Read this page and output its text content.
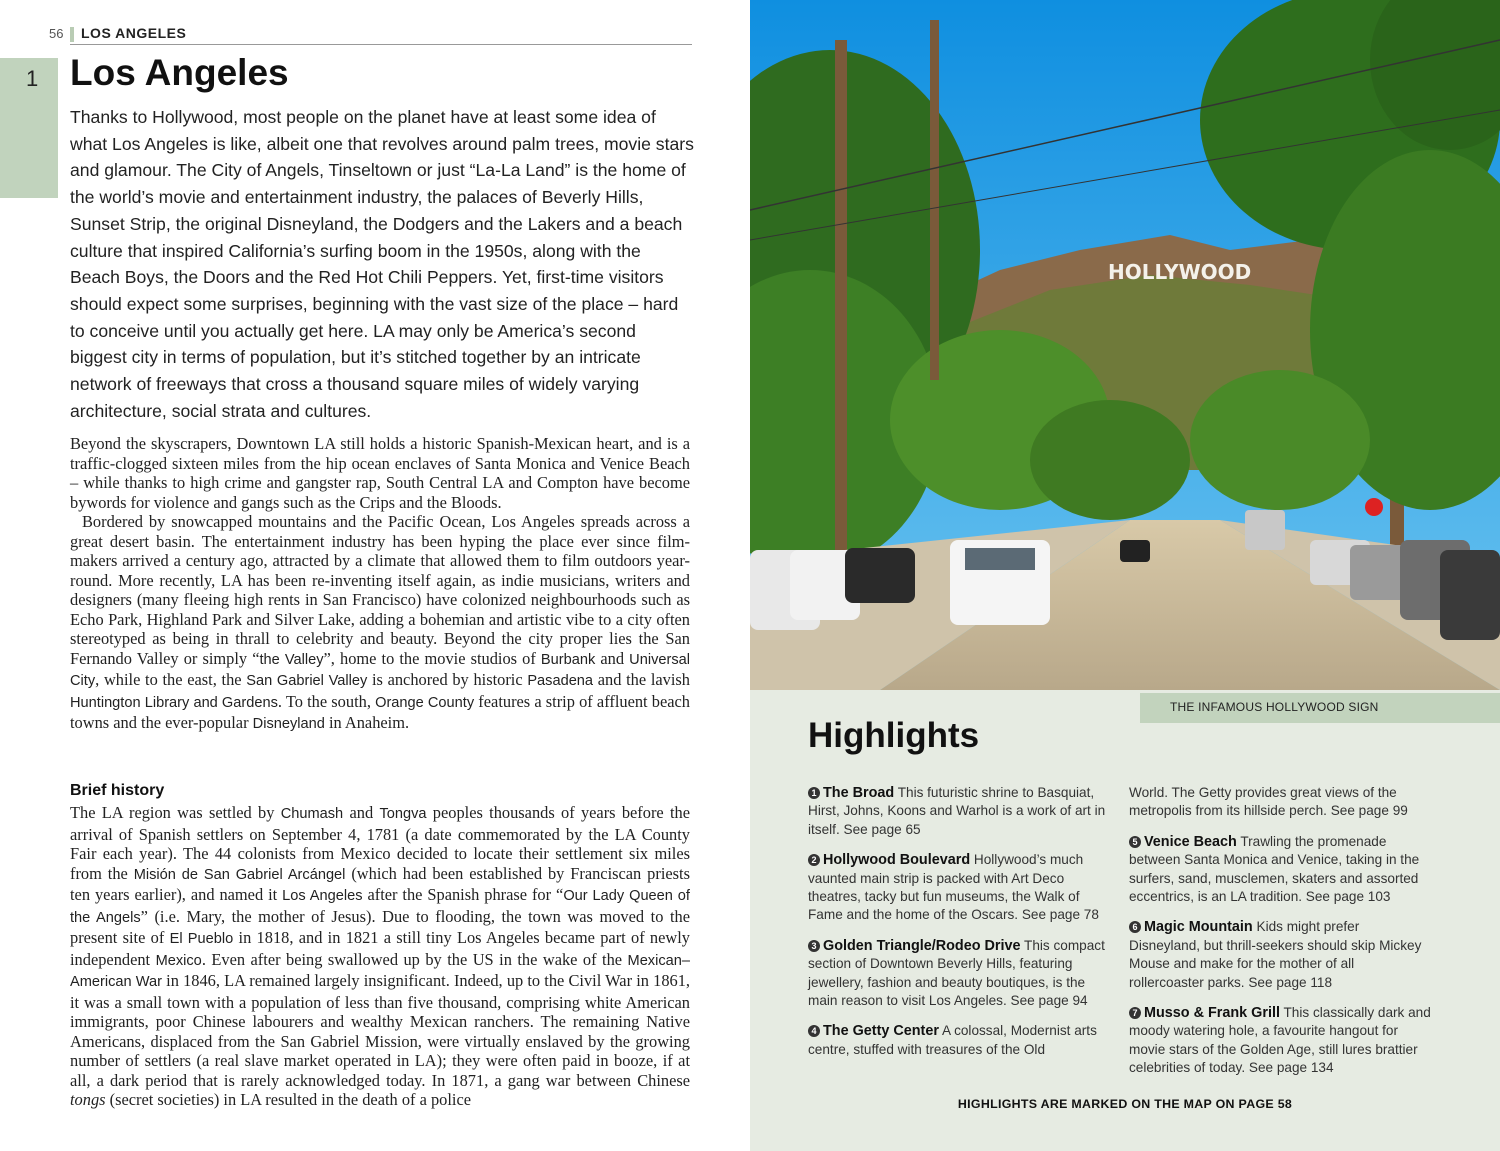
56 LOS ANGELES
1 Los Angeles

Thanks to Hollywood, most people on the planet have at least some idea of what Los Angeles is like, albeit one that revolves around palm trees, movie stars and glamour. The City of Angels, Tinseltown or just “La-La Land” is the home of the world’s movie and entertainment industry, the palaces of Beverly Hills, Sunset Strip, the original Disneyland, the Dodgers and the Lakers and a beach culture that inspired California’s surfing boom in the 1950s, along with the Beach Boys, the Doors and the Red Hot Chili Peppers. Yet, first-time visitors should expect some surprises, beginning with the vast size of the place – hard to conceive until you actually get here. LA may only be America’s second biggest city in terms of population, but it’s stitched together by an intricate network of freeways that cross a thousand square miles of widely varying architecture, social strata and cultures.

Beyond the skyscrapers, Downtown LA still holds a historic Spanish-Mexican heart, and is a traffic-clogged sixteen miles from the hip ocean enclaves of Santa Monica and Venice Beach – while thanks to high crime and gangster rap, South Central LA and Compton have become bywords for violence and gangs such as the Crips and the Bloods.

Bordered by snowcapped mountains and the Pacific Ocean, Los Angeles spreads across a great desert basin. The entertainment industry has been hyping the place ever since film-makers arrived a century ago, attracted by a climate that allowed them to film outdoors year-round. More recently, LA has been re-inventing itself again, as indie musicians, writers and designers (many fleeing high rents in San Francisco) have colonized neighbourhoods such as Echo Park, Highland Park and Silver Lake, adding a bohemian and artistic vibe to a city often stereotyped as being in thrall to celebrity and beauty. Beyond the city proper lies the San Fernando Valley or simply “the Valley”, home to the movie studios of Burbank and Universal City, while to the east, the San Gabriel Valley is anchored by historic Pasadena and the lavish Huntington Library and Gardens. To the south, Orange County features a strip of affluent beach towns and the ever-popular Disneyland in Anaheim.

Brief history

The LA region was settled by Chumash and Tongva peoples thousands of years before the arrival of Spanish settlers on September 4, 1781 (a date commemorated by the LA County Fair each year). The 44 colonists from Mexico decided to locate their settlement six miles from the Misión de San Gabriel Arcángel (which had been established by Franciscan priests ten years earlier), and named it Los Angeles after the Spanish phrase for “Our Lady Queen of the Angels” (i.e. Mary, the mother of Jesus). Due to flooding, the town was moved to the present site of El Pueblo in 1818, and in 1821 a still tiny Los Angeles became part of newly independent Mexico. Even after being swallowed up by the US in the wake of the Mexican–American War in 1846, LA remained largely insignificant. Indeed, up to the Civil War in 1861, it was a small town with a population of less than five thousand, comprising white American immigrants, poor Chinese labourers and wealthy Mexican ranchers. The remaining Native Americans, displaced from the San Gabriel Mission, were virtually enslaved by the growing number of settlers (a real slave market operated in LA); they were often paid in booze, if at all, a dark period that is rarely acknowledged today. In 1871, a gang war between Chinese tongs (secret societies) in LA resulted in the death of a police

HOLLYWOOD
THE INFAMOUS HOLLYWOOD SIGN
Highlights

1 The Broad This futuristic shrine to Basquiat, Hirst, Johns, Koons and Warhol is a work of art in itself. See page 65

2 Hollywood Boulevard Hollywood’s much vaunted main strip is packed with Art Deco theatres, tacky but fun museums, the Walk of Fame and the home of the Oscars. See page 78

3 Golden Triangle/Rodeo Drive This compact section of Downtown Beverly Hills, featuring jewellery, fashion and beauty boutiques, is the main reason to visit Los Angeles. See page 94

4 The Getty Center A colossal, Modernist arts centre, stuffed with treasures of the Old

World. The Getty provides great views of the metropolis from its hillside perch. See page 99

5 Venice Beach Trawling the promenade between Santa Monica and Venice, taking in the surfers, sand, musclemen, skaters and assorted eccentrics, is an LA tradition. See page 103

6 Magic Mountain Kids might prefer Disneyland, but thrill-seekers should skip Mickey Mouse and make for the mother of all rollercoaster parks. See page 118

7 Musso & Frank Grill This classically dark and moody watering hole, a favourite hangout for movie stars of the Golden Age, still lures brattier celebrities of today. See page 134

HIGHLIGHTS ARE MARKED ON THE MAP ON PAGE 58
